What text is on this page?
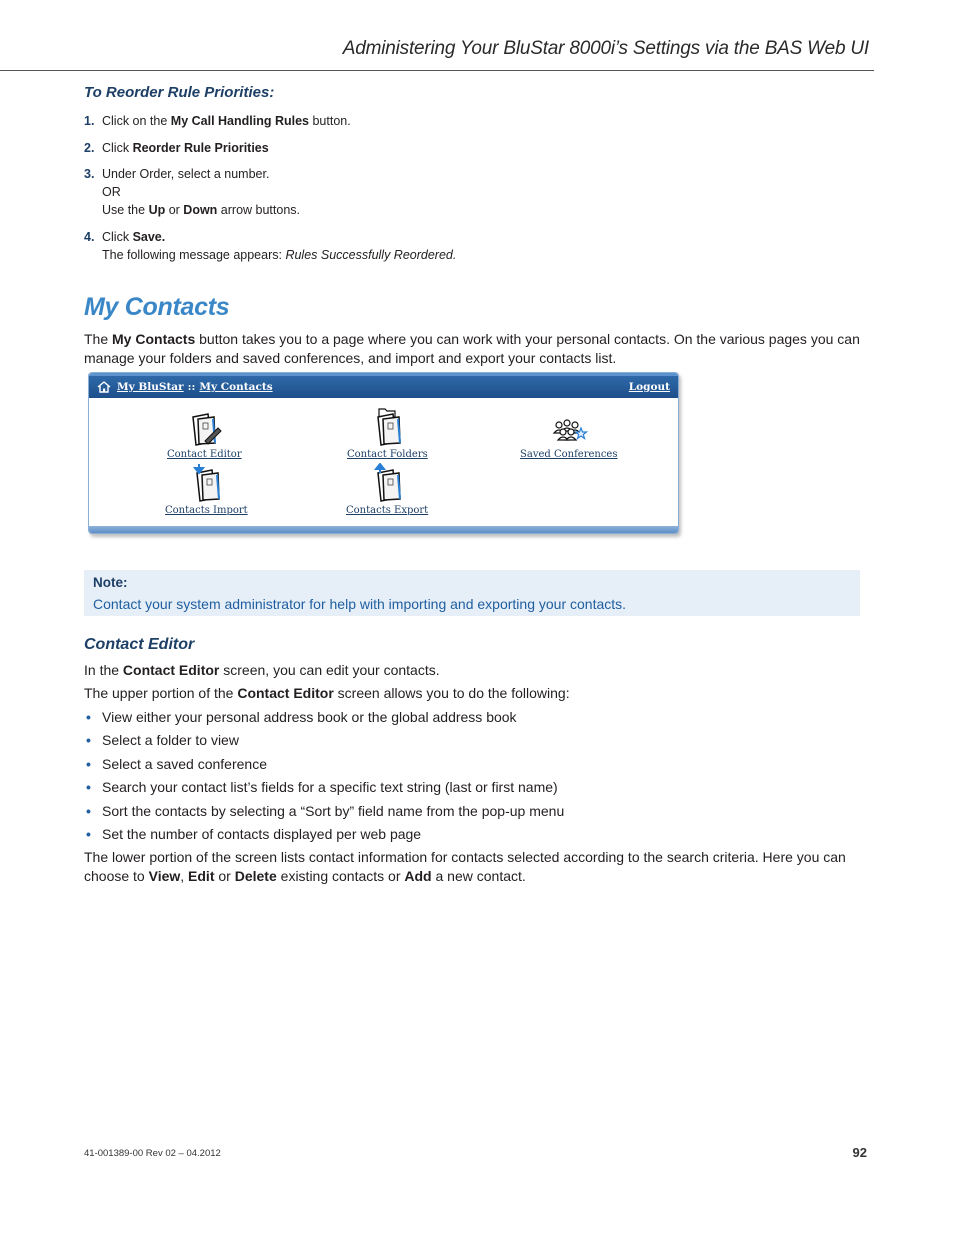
Administering Your BluStar 8000i’s Settings via the BAS Web UI
To Reorder Rule Priorities:
1. Click on the My Call Handling Rules button.
2. Click Reorder Rule Priorities
3. Under Order, select a number.
OR
Use the Up or Down arrow buttons.
4. Click Save.
The following message appears: Rules Successfully Reordered.
My Contacts
The My Contacts button takes you to a page where you can work with your personal contacts. On the various pages you can manage your folders and saved conferences, and import and export your contacts list.
My BluStar :: My Contacts	Logout
Contact Editor	Contact Folders	Saved Conferences
Contacts Import	Contacts Export
Note:
Contact your system administrator for help with importing and exporting your contacts.
Contact Editor
In the Contact Editor screen, you can edit your contacts.
The upper portion of the Contact Editor screen allows you to do the following:
• View either your personal address book or the global address book
• Select a folder to view
• Select a saved conference
• Search your contact list’s fields for a specific text string (last or first name)
• Sort the contacts by selecting a “Sort by” field name from the pop-up menu
• Set the number of contacts displayed per web page
The lower portion of the screen lists contact information for contacts selected according to the search criteria. Here you can choose to View, Edit or Delete existing contacts or Add a new contact.
41-001389-00 Rev 02 – 04.2012	92
